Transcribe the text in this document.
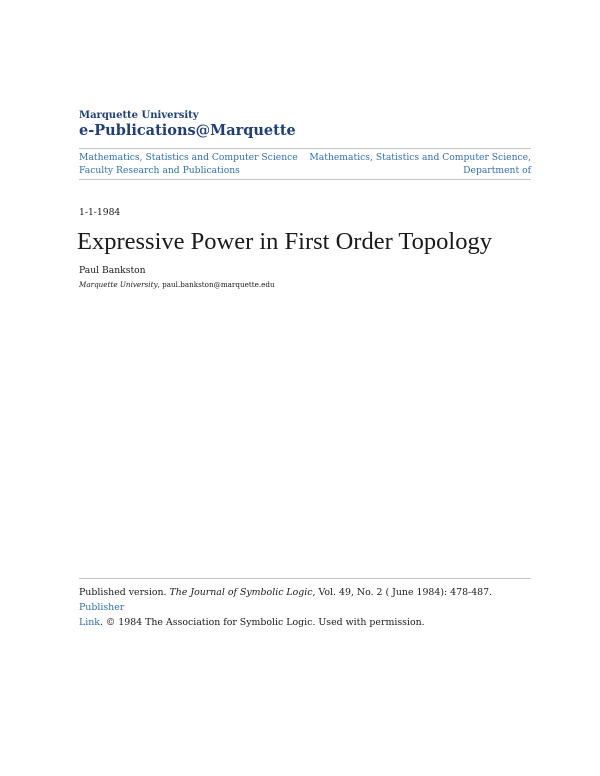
Marquette University
e-Publications@Marquette
Mathematics, Statistics and Computer Science
Faculty Research and Publications
Mathematics, Statistics and Computer Science,
Department of
1-1-1984
Expressive Power in First Order Topology
Paul Bankston
Marquette University, paul.bankston@marquette.edu
Published version. The Journal of Symbolic Logic, Vol. 49, No. 2 ( June 1984): 478-487. Publisher
Link. © 1984 The Association for Symbolic Logic. Used with permission.
